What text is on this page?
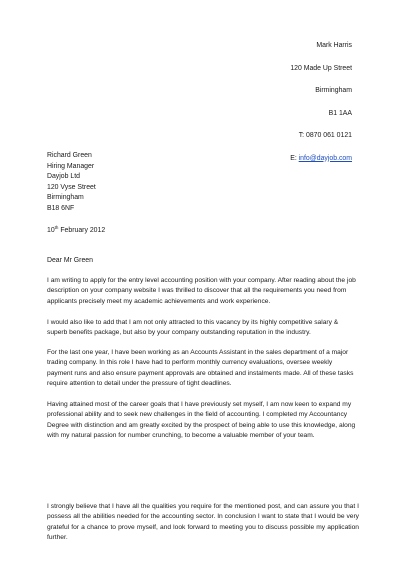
Mark Harris
120 Made Up Street
Birmingham
B1 1AA
T: 0870 061 0121
E: info@dayjob.com
Richard Green
Hiring Manager
Dayjob Ltd
120 Vyse Street
Birmingham
B18 6NF
10th February 2012
Dear Mr Green

I am writing to apply for the entry level accounting position with your company. After reading about the job description on your company website I was thrilled to discover that all the requirements you need from applicants precisely meet my academic achievements and work experience.

I would also like to add that I am not only attracted to this vacancy by its highly competitive salary & superb benefits package, but also by your company outstanding reputation in the industry.

For the last one year, I have been working as an Accounts Assistant in the sales department of a major trading company. In this role I have had to perform monthly currency evaluations, oversee weekly payment runs and also ensure payment approvals are obtained and instalments made. All of these tasks require attention to detail under the pressure of tight deadlines.

Having attained most of the career goals that I have previously set myself, I am now keen to expand my professional ability and to seek new challenges in the field of accounting. I completed my Accountancy Degree with distinction and am greatly excited by the prospect of being able to use this knowledge, along with my natural passion for number crunching, to become a valuable member of your team.

I strongly believe that I have all the qualities you require for the mentioned post, and can assure you that I possess all the abilities needed for the accounting sector. In conclusion I want to state that I would be very grateful for a chance to prove myself, and look forward to meeting you to discuss possible my application further.
